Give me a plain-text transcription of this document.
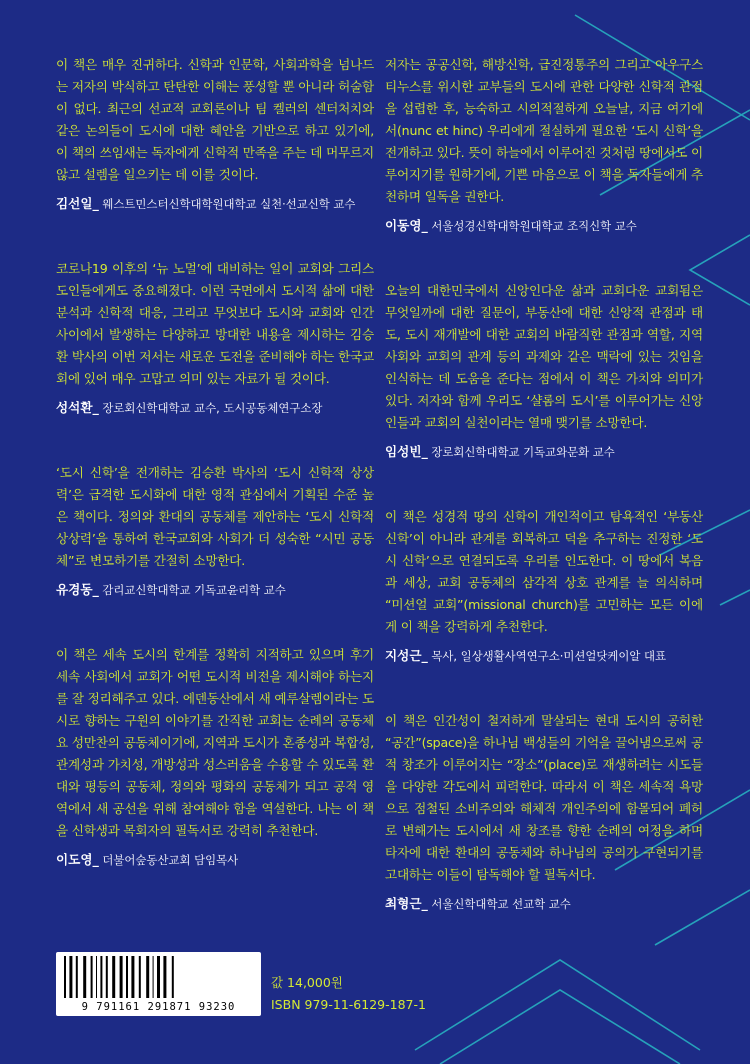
이 책은 매우 진귀하다. 신학과 인문학, 사회과학을 넘나드는 저자의 박식하고 탄탄한 이해는 풍성할 뿐 아니라 허술함이 없다. 최근의 선교적 교회론이나 팀 켈러의 센터처치와 같은 논의들이 도시에 대한 혜안을 기반으로 하고 있기에, 이 책의 쓰임새는 독자에게 신학적 만족을 주는 데 머무르지 않고 설렘을 일으키는 데 이를 것이다.

김선일_ 웨스트민스터신학대학원대학교 실천·선교신학 교수

코로나19 이후의 ‘뉴 노멀’에 대비하는 일이 교회와 그리스도인들에게도 중요해졌다. 이런 국면에서 도시적 삶에 대한 분석과 신학적 대응, 그리고 무엇보다 도시와 교회와 인간 사이에서 발생하는 다양하고 방대한 내용을 제시하는 김승환 박사의 이번 저서는 새로운 도전을 준비해야 하는 한국교회에 있어 매우 고맙고 의미 있는 자료가 될 것이다.

성석환_ 장로회신학대학교 교수, 도시공동체연구소장

‘도시 신학’을 전개하는 김승환 박사의 ‘도시 신학적 상상력’은 급격한 도시화에 대한 영적 관심에서 기획된 수준 높은 책이다. 정의와 환대의 공동체를 제안하는 ‘도시 신학적 상상력’을 통하여 한국교회와 사회가 더 성숙한 “시민 공동체”로 변모하기를 간절히 소망한다.

유경동_ 감리교신학대학교 기독교윤리학 교수

이 책은 세속 도시의 한계를 정확히 지적하고 있으며 후기 세속 사회에서 교회가 어떤 도시적 비전을 제시해야 하는지를 잘 정리해주고 있다. 에덴동산에서 새 예루살렘이라는 도시로 향하는 구원의 이야기를 간직한 교회는 순례의 공동체요 성만찬의 공동체이기에, 지역과 도시가 혼종성과 복합성, 관계성과 가치성, 개방성과 성스러움을 수용할 수 있도록 환대와 평등의 공동체, 정의와 평화의 공동체가 되고 공적 영역에서 새 공선을 위해 참여해야 함을 역설한다. 나는 이 책을 신학생과 목회자의 필독서로 강력히 추천한다.

이도영_ 더불어숲동산교회 담임목사

저자는 공공신학, 해방신학, 급진정통주의 그리고 아우구스티누스를 위시한 교부들의 도시에 관한 다양한 신학적 관점을 섭렵한 후, 능숙하고 시의적절하게 오늘날, 지금 여기에서(nunc et hinc) 우리에게 절실하게 필요한 ‘도시 신학’을 전개하고 있다. 뜻이 하늘에서 이루어진 것처럼 땅에서도 이루어지기를 원하기에, 기쁜 마음으로 이 책을 독자들에게 추천하며 일독을 권한다.

이동영_ 서울성경신학대학원대학교 조직신학 교수

오늘의 대한민국에서 신앙인다운 삶과 교회다운 교회됨은 무엇일까에 대한 질문이, 부동산에 대한 신앙적 관점과 태도, 도시 재개발에 대한 교회의 바람직한 관점과 역할, 지역 사회와 교회의 관계 등의 과제와 같은 맥락에 있는 것임을 인식하는 데 도움을 준다는 점에서 이 책은 가치와 의미가 있다. 저자와 함께 우리도 ‘샬롬의 도시’를 이루어가는 신앙인들과 교회의 실천이라는 열매 맺기를 소망한다.

임성빈_ 장로회신학대학교 기독교와문화 교수

이 책은 성경적 땅의 신학이 개인적이고 탐욕적인 ‘부동산 신학’이 아니라 관계를 회복하고 덕을 추구하는 진정한 ‘도시 신학’으로 연결되도록 우리를 인도한다. 이 땅에서 복음과 세상, 교회 공동체의 삼각적 상호 관계를 늘 의식하며 “미션얼 교회”(missional church)를 고민하는 모든 이에게 이 책을 강력하게 추천한다.

지성근_ 목사, 일상생활사역연구소·미션얼닷케이알 대표

이 책은 인간성이 철저하게 말살되는 현대 도시의 공허한 “공간”(space)을 하나님 백성들의 기억을 끌어냄으로써 공적 창조가 이루어지는 “장소”(place)로 재생하려는 시도들을 다양한 각도에서 피력한다. 따라서 이 책은 세속적 욕망으로 점철된 소비주의와 해체적 개인주의에 함몰되어 폐허로 변해가는 도시에서 새 창조를 향한 순례의 여정을 하며 타자에 대한 환대의 공동체와 하나님의 공의가 구현되기를 고대하는 이들이 탐독해야 할 필독서다.

최형근_ 서울신학대학교 선교학 교수
9 791161 291871 93230
값 14,000원
ISBN 979-11-6129-187-1
